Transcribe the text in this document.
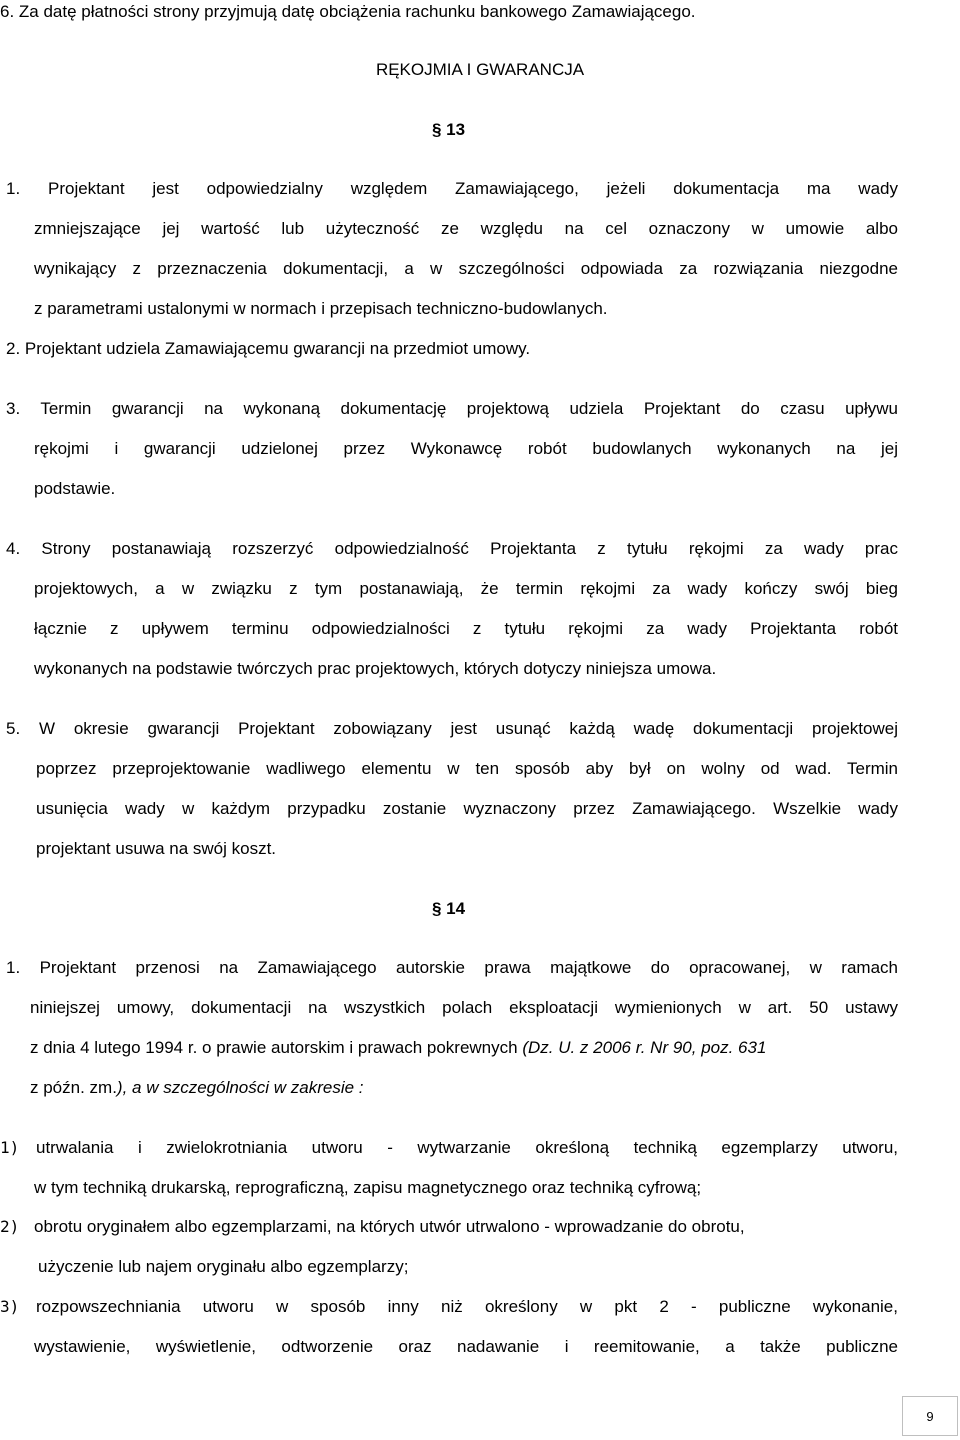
6. Za datę płatności strony przyjmują datę obciążenia rachunku bankowego Zamawiającego.
RĘKOJMIA I GWARANCJA
§ 13
1. Projektant jest odpowiedzialny względem Zamawiającego, jeżeli dokumentacja ma wady
zmniejszające jej wartość lub użyteczność ze względu na cel oznaczony w umowie albo
wynikający z przeznaczenia dokumentacji, a w szczególności odpowiada za rozwiązania niezgodne
z parametrami ustalonymi w normach i przepisach techniczno-budowlanych.
2. Projektant udziela Zamawiającemu gwarancji na przedmiot umowy.
3. Termin gwarancji na wykonaną dokumentację projektową udziela Projektant do czasu upływu
rękojmi i gwarancji udzielonej przez Wykonawcę robót budowlanych wykonanych na jej
podstawie.
4. Strony postanawiają rozszerzyć odpowiedzialność Projektanta z tytułu rękojmi za wady prac
projektowych, a w związku z tym postanawiają, że termin rękojmi za wady kończy swój bieg
łącznie z upływem terminu odpowiedzialności z tytułu rękojmi za wady Projektanta robót
wykonanych na podstawie twórczych prac projektowych, których dotyczy niniejsza umowa.
5. W okresie gwarancji Projektant zobowiązany jest usunąć każdą wadę dokumentacji projektowej
poprzez przeprojektowanie wadliwego elementu w ten sposób aby był on wolny od wad. Termin
usunięcia wady w każdym przypadku zostanie wyznaczony przez Zamawiającego. Wszelkie wady
projektant usuwa na swój koszt.
§ 14
1. Projektant przenosi na Zamawiającego autorskie prawa majątkowe do opracowanej, w ramach
niniejszej umowy, dokumentacji na wszystkich polach eksploatacji wymienionych w art. 50 ustawy
z dnia 4 lutego 1994 r. o prawie autorskim i prawach pokrewnych (Dz. U. z 2006 r. Nr 90, poz. 631
z późn. zm.), a w szczególności w zakresie :
1) utrwalania i zwielokrotniania utworu - wytwarzanie określoną techniką egzemplarzy utworu,
w tym techniką drukarską, reprograficzną, zapisu magnetycznego oraz techniką cyfrową;
2) obrotu oryginałem albo egzemplarzami, na których utwór utrwalono - wprowadzanie do obrotu,
użyczenie lub najem oryginału albo egzemplarzy;
3) rozpowszechniania utworu w sposób inny niż określony w pkt 2 - publiczne wykonanie,
wystawienie, wyświetlenie, odtworzenie oraz nadawanie i reemitowanie, a także publiczne
9
